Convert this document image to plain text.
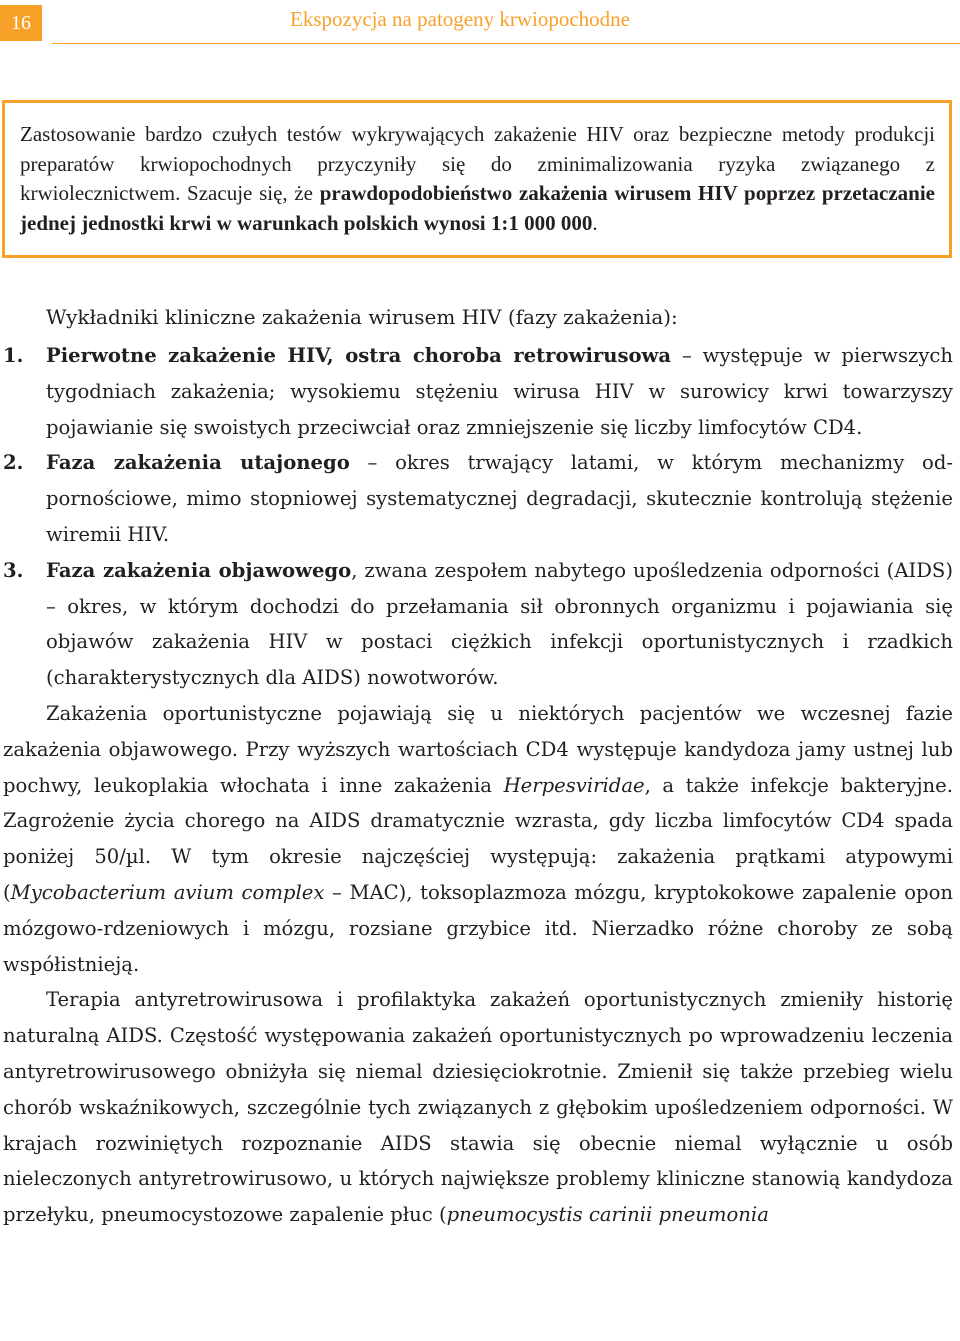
16	Ekspozycja na patogeny krwiopochodne
Zastosowanie bardzo czułych testów wykrywających zakażenie HIV oraz bezpieczne metody produkcji preparatów krwiopochodnych przyczyniły się do zminimalizowania ryzyka związanego z krwiolecznictwem. Szacuje się, że prawdopodobieństwo zakażenia wirusem HIV poprzez przetaczanie jednej jednostki krwi w warunkach polskich wynosi 1:1 000 000.
Wykładniki kliniczne zakażenia wirusem HIV (fazy zakażenia):

1. Pierwotne zakażenie HIV, ostra choroba retrowirusowa – występuje w pierwszych tygodniach zakażenia; wysokiemu stężeniu wirusa HIV w surowicy krwi towarzyszy pojawianie się swoistych przeciwciał oraz zmniejszenie się liczby limfocytów CD4.

2. Faza zakażenia utajonego – okres trwający latami, w którym mechanizmy odpornościowe, mimo stopniowej systematycznej degradacji, skutecznie kontrolują stężenie wiremii HIV.

3. Faza zakażenia objawowego, zwana zespołem nabytego upośledzenia odporności (AIDS) – okres, w którym dochodzi do przełamania sił obronnych organizmu i pojawiania się objawów zakażenia HIV w postaci ciężkich infekcji oportunistycznych i rzadkich (charakterystycznych dla AIDS) nowotworów.

Zakażenia oportunistyczne pojawiają się u niektórych pacjentów we wczesnej fazie zakażenia objawowego. Przy wyższych wartościach CD4 występuje kandydoza jamy ustnej lub pochwy, leukoplakia włochata i inne zakażenia Herpesviridae, a także infekcje bakteryjne. Zagrożenie życia chorego na AIDS dramatycznie wzrasta, gdy liczba limfocytów CD4 spada poniżej 50/µl. W tym okresie najczęściej występują: zakażenia prątkami atypowymi (Mycobacterium avium complex – MAC), toksoplazmoza mózgu, kryptokokowe zapalenie opon mózgowo-rdzeniowych i mózgu, rozsiane grzybice itd. Nierzadko różne choroby ze sobą współistnieją.

Terapia antyretrowirusowa i profilaktyka zakażeń oportunistycznych zmieniły historię naturalną AIDS. Częstość występowania zakażeń oportunistycznych po wprowadzeniu leczenia antyretrowirusowego obniżyła się niemal dziesięciokrotnie. Zmienił się także przebieg wielu chorób wskaźnikowych, szczególnie tych związanych z głębokim upośledzeniem odporności. W krajach rozwiniętych rozpoznanie AIDS stawia się obecnie niemal wyłącznie u osób nieleczonych antyretrowirusowo, u których największe problemy kliniczne stanowią kandydoza przełyku, pneumocystozowe zapalenie płuc (pneumocystis carinii pneumonia
